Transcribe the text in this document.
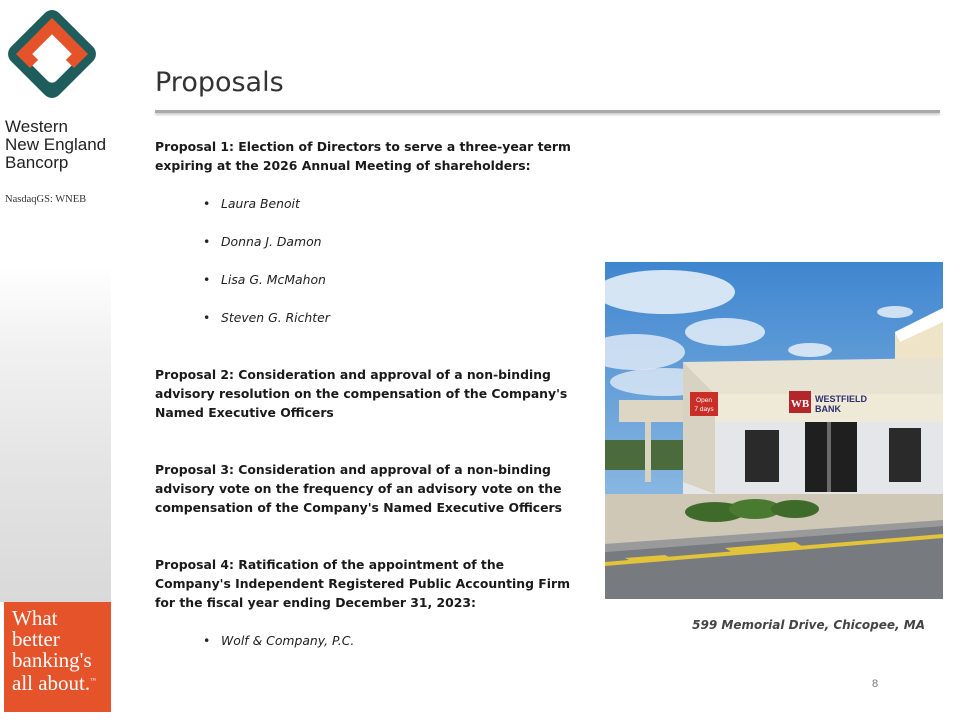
Western
New England
Bancorp
NasdaqGS: WNEB
What
better
banking's
all about.™
Proposals
Proposal 1: Election of Directors to serve a three-year term expiring at the 2026 Annual Meeting of shareholders:
• Laura Benoit
• Donna J. Damon
• Lisa G. McMahon
• Steven G. Richter
Proposal 2: Consideration and approval of a non-binding advisory resolution on the compensation of the Company's Named Executive Officers
Proposal 3: Consideration and approval of a non-binding advisory vote on the frequency of an advisory vote on the compensation of the Company's Named Executive Officers
Proposal 4: Ratification of the appointment of the Company's Independent Registered Public Accounting Firm for the fiscal year ending December 31, 2023:
• Wolf & Company, P.C.
Open
7 days	WB WESTFIELD
BANK
599 Memorial Drive, Chicopee, MA
8
